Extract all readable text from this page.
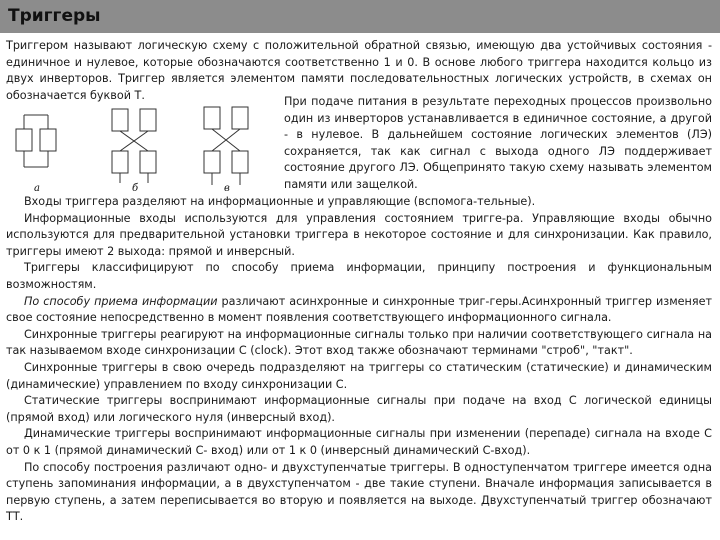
Триггеры

Триггером называют логическую схему с положительной обратной связью, имеющую два устойчивых состояния - единичное и нулевое, которые обозначаются соответственно 1 и 0. В основе любого триггера находится кольцо из двух инверторов. Триггер является элементом памяти последовательностных логических устройств, в схемах он обозначается буквой Т.

а	б	в

При подаче питания в результате переходных процессов произвольно один из инверторов устанавливается в единичное состояние, а другой - в нулевое. В дальнейшем состояние логических элементов (ЛЭ) сохраняется, так как сигнал с выхода одного ЛЭ поддерживает состояние другого ЛЭ. Общепринято такую схему называть элементом памяти или защелкой.

Входы триггера разделяют на информационные и управляющие (вспомога-тельные).

Информационные входы используются для управления состоянием тригге-ра. Управляющие входы обычно используются для предварительной установки триггера в некоторое состояние и для синхронизации. Как правило, триггеры имеют 2 выхода: прямой и инверсный.

Триггеры классифицируют по способу приема информации, принципу построения и функциональным возможностям.

По способу приема информации различают асинхронные и синхронные триг-геры.Асинхронный триггер изменяет свое состояние непосредственно в момент появления соответствующего информационного сигнала.

Синхронные триггеры реагируют на информационные сигналы только при наличии соответствующего сигнала на так называемом входе синхронизации С (clock). Этот вход также обозначают терминами "строб", "такт".

Синхронные триггеры в свою очередь подразделяют на триггеры со статическим (статические) и динамическим (динамические) управлением по входу синхронизации С.

Статические триггеры воспринимают информационные сигналы при подаче на вход С логической единицы (прямой вход) или логического нуля (инверсный вход).

Динамические триггеры воспринимают информационные сигналы при изменении (перепаде) сигнала на входе С от 0 к 1 (прямой динамический С- вход) или от 1 к 0 (инверсный динамический С-вход).

По способу построения различают одно- и двухступенчатые триггеры. В одноступенчатом триггере имеется одна ступень запоминания информации, а в двухступенчатом - две такие ступени. Вначале информация записывается в первую ступень, а затем переписывается во вторую и появляется на выходе. Двухступенчатый триггер обозначают ТТ.
